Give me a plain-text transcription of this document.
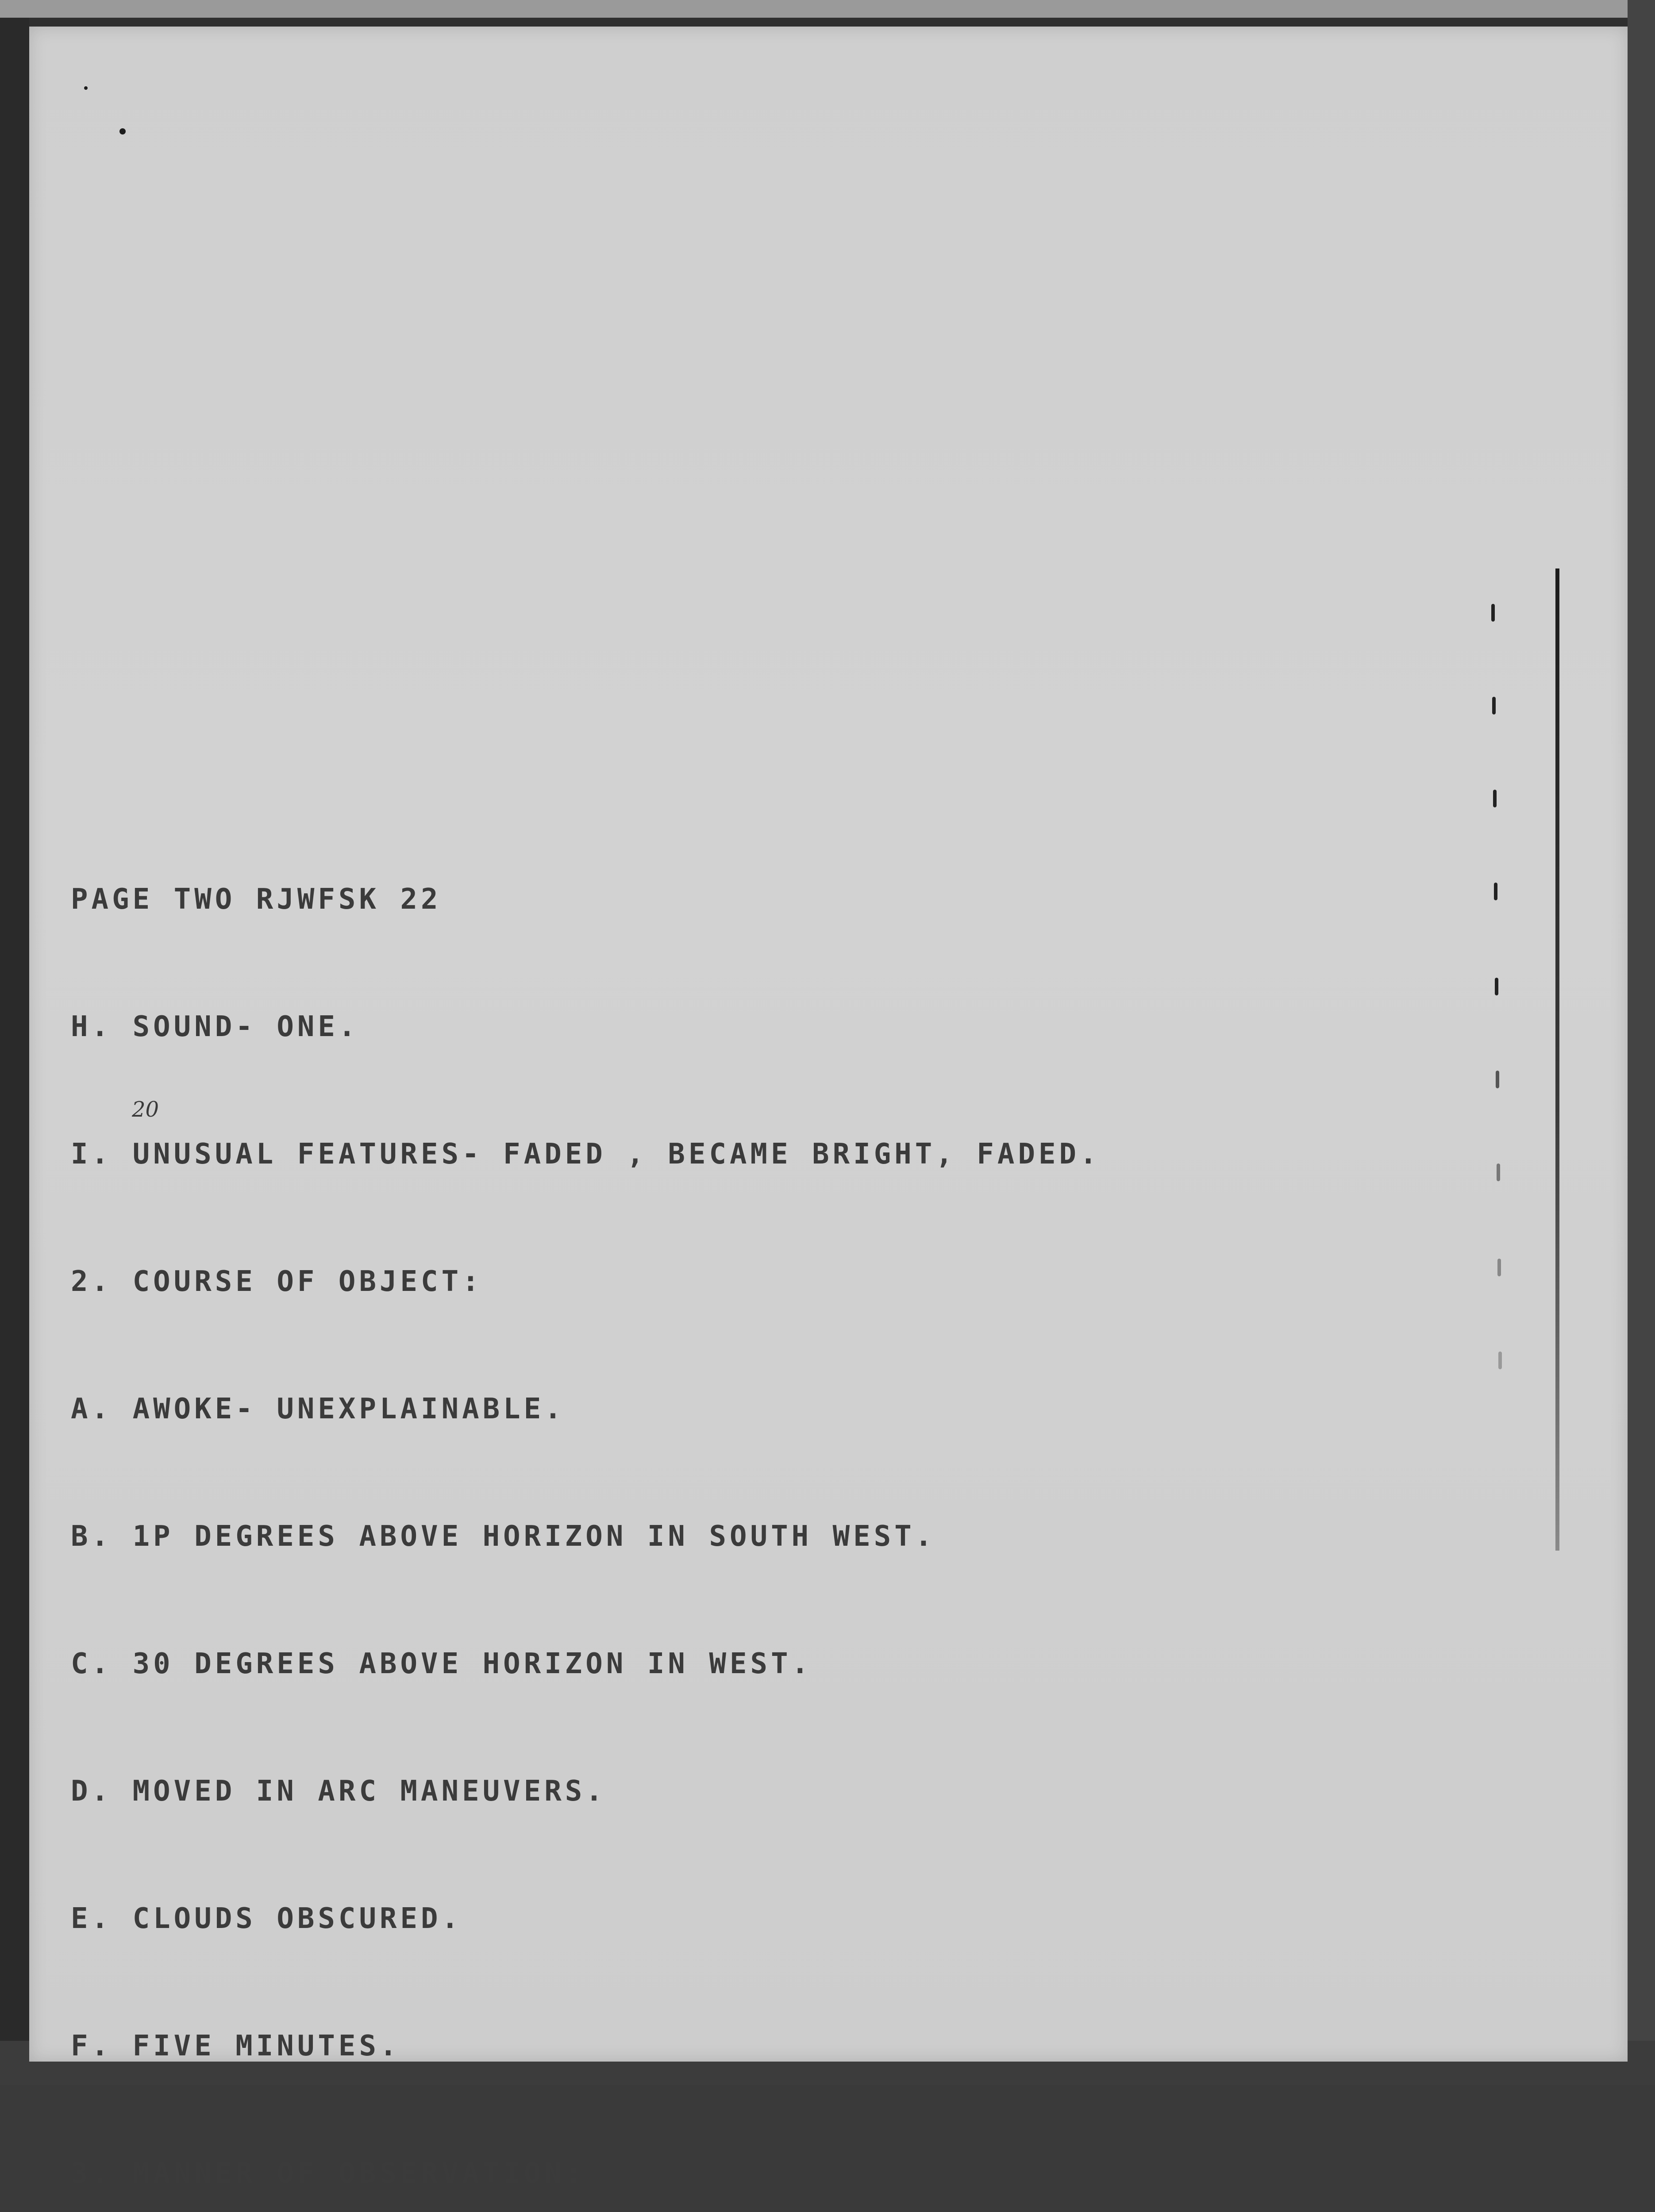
PAGE TWO RJWFSK 22

H. SOUND- ONE.

I. UNUSUAL FEATURES- FADED , BECAME BRIGHT, FADED.

2. COURSE OF OBJECT:

A. AWOKE- UNEXPLAINABLE.

B. 1P DEGREES ABOVE HORIZON IN SOUTH WEST.

C. 30 DEGREES ABOVE HORIZON IN WEST.

D. MOVED IN ARC MANEUVERS.

E. CLOUDS OBSCURED.

F. FIVE MINUTES.

3. MANNER OF OBSERVATION:

20
